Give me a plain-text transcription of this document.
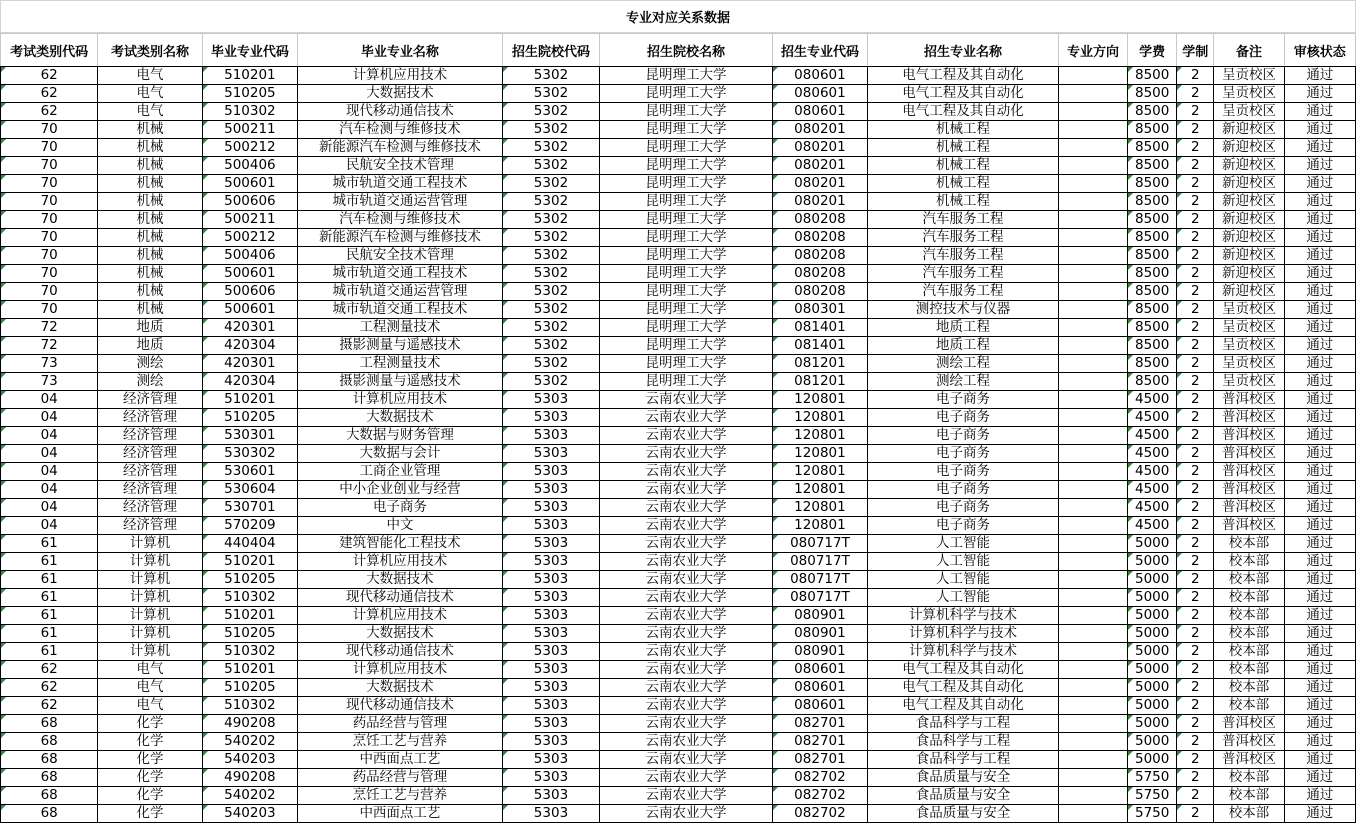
专业对应关系数据
考试类别代码	考试类别名称	毕业专业代码	毕业专业名称	招生院校代码	招生院校名称	招生专业代码	招生专业名称	专业方向	学费	学制	备注	审核状态
62	电气	510201	计算机应用技术	5302	昆明理工大学	080601	电气工程及其自动化		8500	2	呈贡校区	通过
62	电气	510205	大数据技术	5302	昆明理工大学	080601	电气工程及其自动化		8500	2	呈贡校区	通过
62	电气	510302	现代移动通信技术	5302	昆明理工大学	080601	电气工程及其自动化		8500	2	呈贡校区	通过
70	机械	500211	汽车检测与维修技术	5302	昆明理工大学	080201	机械工程		8500	2	新迎校区	通过
70	机械	500212	新能源汽车检测与维修技术	5302	昆明理工大学	080201	机械工程		8500	2	新迎校区	通过
70	机械	500406	民航安全技术管理	5302	昆明理工大学	080201	机械工程		8500	2	新迎校区	通过
70	机械	500601	城市轨道交通工程技术	5302	昆明理工大学	080201	机械工程		8500	2	新迎校区	通过
70	机械	500606	城市轨道交通运营管理	5302	昆明理工大学	080201	机械工程		8500	2	新迎校区	通过
70	机械	500211	汽车检测与维修技术	5302	昆明理工大学	080208	汽车服务工程		8500	2	新迎校区	通过
70	机械	500212	新能源汽车检测与维修技术	5302	昆明理工大学	080208	汽车服务工程		8500	2	新迎校区	通过
70	机械	500406	民航安全技术管理	5302	昆明理工大学	080208	汽车服务工程		8500	2	新迎校区	通过
70	机械	500601	城市轨道交通工程技术	5302	昆明理工大学	080208	汽车服务工程		8500	2	新迎校区	通过
70	机械	500606	城市轨道交通运营管理	5302	昆明理工大学	080208	汽车服务工程		8500	2	新迎校区	通过
70	机械	500601	城市轨道交通工程技术	5302	昆明理工大学	080301	测控技术与仪器		8500	2	呈贡校区	通过
72	地质	420301	工程测量技术	5302	昆明理工大学	081401	地质工程		8500	2	呈贡校区	通过
72	地质	420304	摄影测量与遥感技术	5302	昆明理工大学	081401	地质工程		8500	2	呈贡校区	通过
73	测绘	420301	工程测量技术	5302	昆明理工大学	081201	测绘工程		8500	2	呈贡校区	通过
73	测绘	420304	摄影测量与遥感技术	5302	昆明理工大学	081201	测绘工程		8500	2	呈贡校区	通过
04	经济管理	510201	计算机应用技术	5303	云南农业大学	120801	电子商务		4500	2	普洱校区	通过
04	经济管理	510205	大数据技术	5303	云南农业大学	120801	电子商务		4500	2	普洱校区	通过
04	经济管理	530301	大数据与财务管理	5303	云南农业大学	120801	电子商务		4500	2	普洱校区	通过
04	经济管理	530302	大数据与会计	5303	云南农业大学	120801	电子商务		4500	2	普洱校区	通过
04	经济管理	530601	工商企业管理	5303	云南农业大学	120801	电子商务		4500	2	普洱校区	通过
04	经济管理	530604	中小企业创业与经营	5303	云南农业大学	120801	电子商务		4500	2	普洱校区	通过
04	经济管理	530701	电子商务	5303	云南农业大学	120801	电子商务		4500	2	普洱校区	通过
04	经济管理	570209	中文	5303	云南农业大学	120801	电子商务		4500	2	普洱校区	通过
61	计算机	440404	建筑智能化工程技术	5303	云南农业大学	080717T	人工智能		5000	2	校本部	通过
61	计算机	510201	计算机应用技术	5303	云南农业大学	080717T	人工智能		5000	2	校本部	通过
61	计算机	510205	大数据技术	5303	云南农业大学	080717T	人工智能		5000	2	校本部	通过
61	计算机	510302	现代移动通信技术	5303	云南农业大学	080717T	人工智能		5000	2	校本部	通过
61	计算机	510201	计算机应用技术	5303	云南农业大学	080901	计算机科学与技术		5000	2	校本部	通过
61	计算机	510205	大数据技术	5303	云南农业大学	080901	计算机科学与技术		5000	2	校本部	通过
61	计算机	510302	现代移动通信技术	5303	云南农业大学	080901	计算机科学与技术		5000	2	校本部	通过
62	电气	510201	计算机应用技术	5303	云南农业大学	080601	电气工程及其自动化		5000	2	校本部	通过
62	电气	510205	大数据技术	5303	云南农业大学	080601	电气工程及其自动化		5000	2	校本部	通过
62	电气	510302	现代移动通信技术	5303	云南农业大学	080601	电气工程及其自动化		5000	2	校本部	通过
68	化学	490208	药品经营与管理	5303	云南农业大学	082701	食品科学与工程		5000	2	普洱校区	通过
68	化学	540202	烹饪工艺与营养	5303	云南农业大学	082701	食品科学与工程		5000	2	普洱校区	通过
68	化学	540203	中西面点工艺	5303	云南农业大学	082701	食品科学与工程		5000	2	普洱校区	通过
68	化学	490208	药品经营与管理	5303	云南农业大学	082702	食品质量与安全		5750	2	校本部	通过
68	化学	540202	烹饪工艺与营养	5303	云南农业大学	082702	食品质量与安全		5750	2	校本部	通过
68	化学	540203	中西面点工艺	5303	云南农业大学	082702	食品质量与安全		5750	2	校本部	通过
